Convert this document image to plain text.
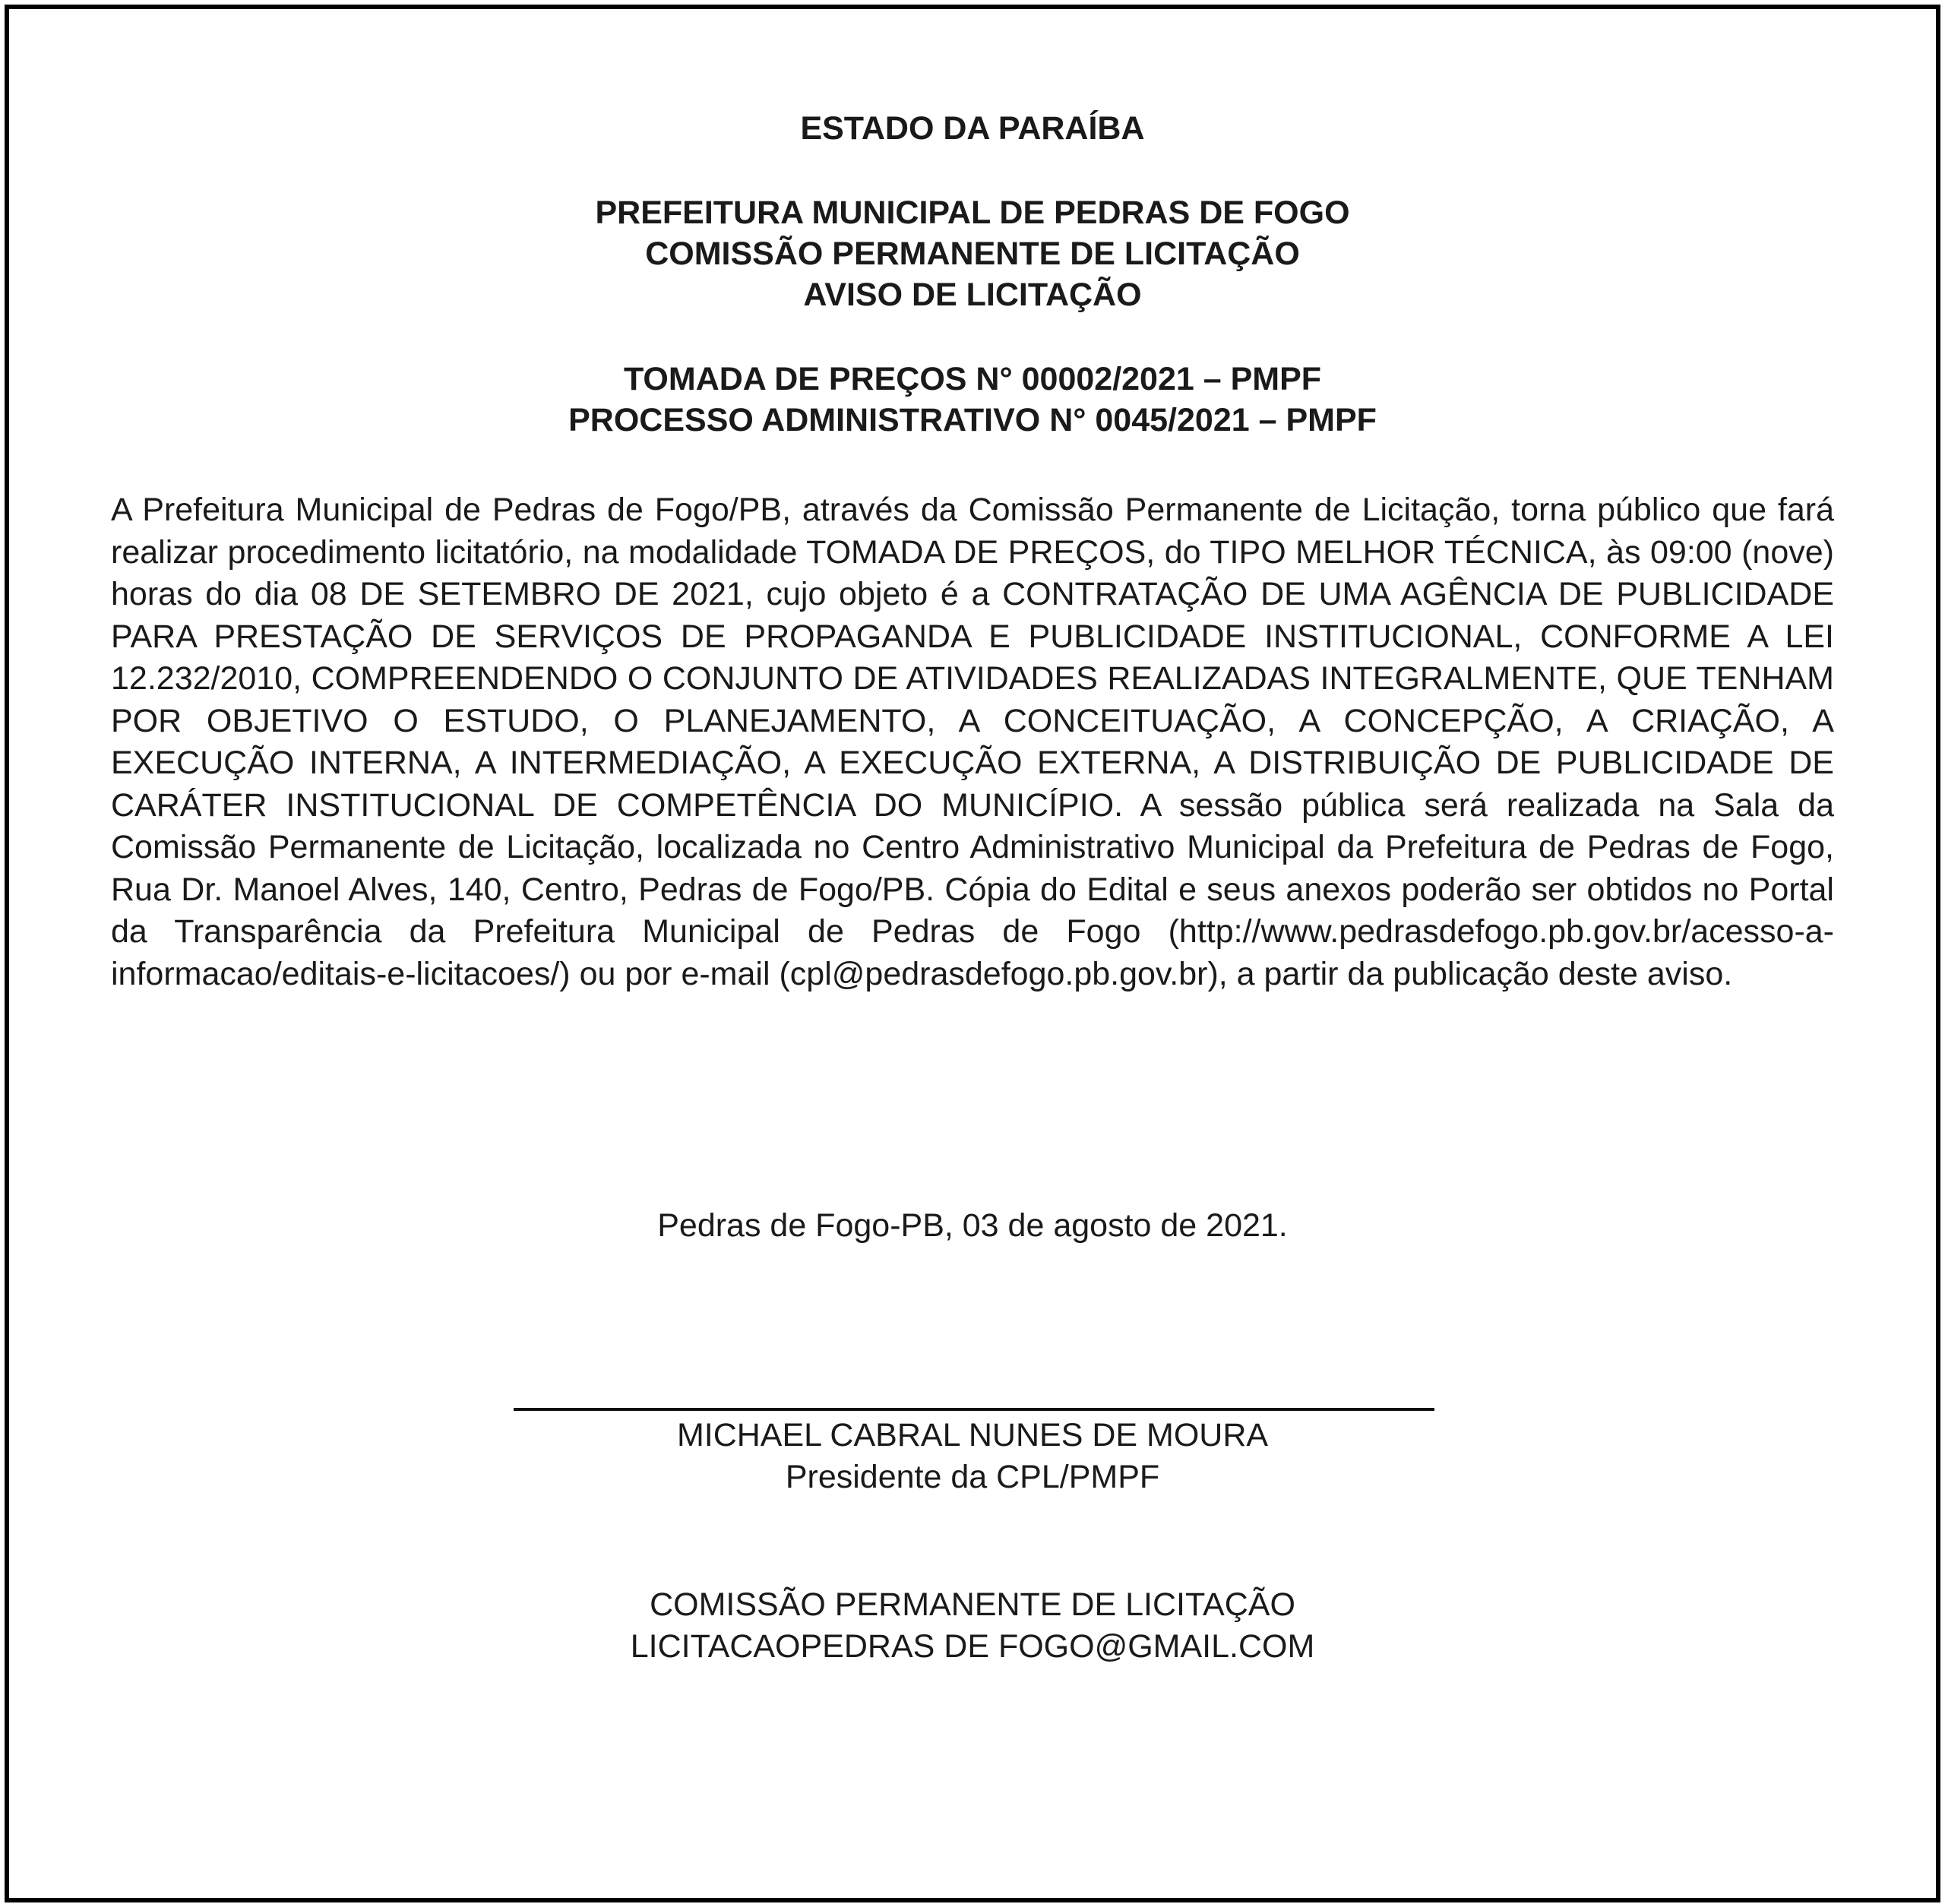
ESTADO DA PARAÍBA
PREFEITURA MUNICIPAL DE PEDRAS DE FOGO
COMISSÃO PERMANENTE DE LICITAÇÃO
AVISO DE LICITAÇÃO
TOMADA DE PREÇOS N° 00002/2021 – PMPF
PROCESSO ADMINISTRATIVO N° 0045/2021 – PMPF

A Prefeitura Municipal de Pedras de Fogo/PB, através da Comissão Permanente de Licitação, torna público que fará realizar procedimento licitatório, na modalidade TOMADA DE PREÇOS, do TIPO MELHOR TÉCNICA, às 09:00 (nove) horas do dia 08 DE SETEMBRO DE 2021, cujo objeto é a CONTRATAÇÃO DE UMA AGÊNCIA DE PUBLICIDADE PARA PRESTAÇÃO DE SERVIÇOS DE PROPAGANDA E PUBLICIDADE INSTITUCIONAL, CONFORME A LEI 12.232/2010, COMPREENDENDO O CONJUNTO DE ATIVIDADES REALIZADAS INTEGRALMENTE, QUE TENHAM POR OBJETIVO O ESTUDO, O PLANEJAMENTO, A CONCEITUAÇÃO, A CONCEPÇÃO, A CRIAÇÃO, A EXECUÇÃO INTERNA, A INTERMEDIAÇÃO, A EXECUÇÃO EXTERNA, A DISTRIBUIÇÃO DE PUBLICIDADE DE CARÁTER INSTITUCIONAL DE COMPETÊNCIA DO MUNICÍPIO. A sessão pública será realizada na Sala da Comissão Permanente de Licitação, localizada no Centro Administrativo Municipal da Prefeitura de Pedras de Fogo, Rua Dr. Manoel Alves, 140, Centro, Pedras de Fogo/PB. Cópia do Edital e seus anexos poderão ser obtidos no Portal da Transparência da Prefeitura Municipal de Pedras de Fogo (http://www.pedrasdefogo.pb.gov.br/acesso-a- informacao/editais-e-licitacoes/) ou por e-mail (cpl@pedrasdefogo.pb.gov.br), a partir da publicação deste aviso.

Pedras de Fogo-PB, 03 de agosto de 2021.

MICHAEL CABRAL NUNES DE MOURA

Presidente da CPL/PMPF

COMISSÃO PERMANENTE DE LICITAÇÃO

LICITACAOPEDRAS DE FOGO@GMAIL.COM
